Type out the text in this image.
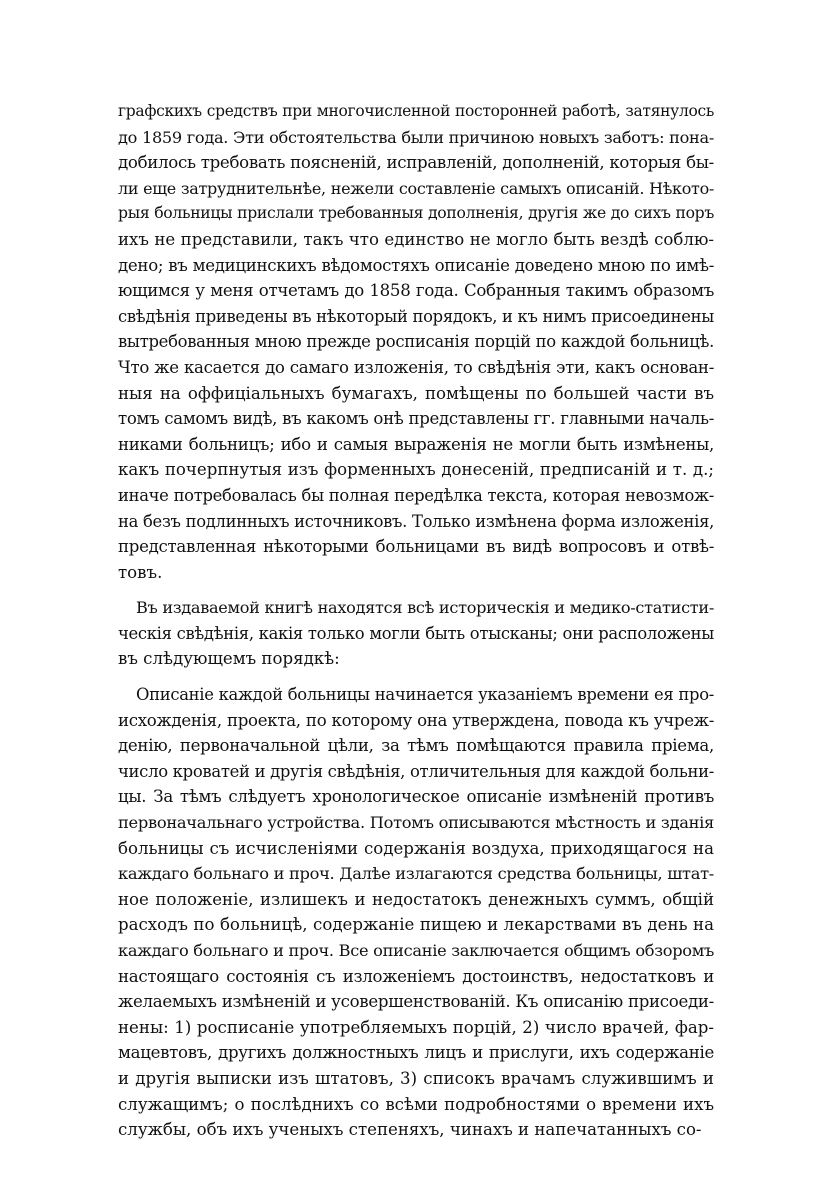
графскихъ средствъ при многочисленной посторонней работѣ, затянулось
до 1859 года. Эти обстоятельства были причиною новыхъ заботъ: пона-
добилось требовать поясненій, исправленій, дополненій, которыя бы-
ли еще затруднительнѣе, нежели составленіе самыхъ описаній. Нѣкото-
рыя больницы прислали требованныя дополненія, другія же до сихъ поръ
ихъ не представили, такъ что единство не могло быть вездѣ соблю-
дено; въ медицинскихъ вѣдомостяхъ описаніе доведено мною по имѣ-
ющимся у меня отчетамъ до 1858 года. Собранныя такимъ образомъ
свѣдѣнія приведены въ нѣкоторый порядокъ, и къ нимъ присоединены
вытребованныя мною прежде росписанія порцій по каждой больницѣ.
Что же касается до самаго изложенія, то свѣдѣнія эти, какъ основан-
ныя на оффиціальныхъ бумагахъ, помѣщены по большей части въ
томъ самомъ видѣ, въ какомъ онѣ представлены гг. главными началь-
никами больницъ; ибо и самыя выраженія не могли быть измѣнены,
какъ почерпнутыя изъ форменныхъ донесеній, предписаній и т. д.;
иначе потребовалась бы полная передѣлка текста, которая невозмож-
на безъ подлинныхъ источниковъ. Только измѣнена форма изложенія,
представленная нѣкоторыми больницами въ видѣ вопросовъ и отвѣ-
товъ.
Въ издаваемой книгѣ находятся всѣ историческія и медико-статисти-
ческія свѣдѣнія, какія только могли быть отысканы; они расположены
въ слѣдующемъ порядкѣ:
Описаніе каждой больницы начинается указаніемъ времени ея про-
исхожденія, проекта, по которому она утверждена, повода къ учреж-
денію, первоначальной цѣли, за тѣмъ помѣщаются правила пріема,
число кроватей и другія свѣдѣнія, отличительныя для каждой больни-
цы. За тѣмъ слѣдуетъ хронологическое описаніе измѣненій противъ
первоначальнаго устройства. Потомъ описываются мѣстность и зданія
больницы съ исчисленіями содержанія воздуха, приходящагося на
каждаго больнаго и проч. Далѣе излагаются средства больницы, штат-
ное положеніе, излишекъ и недостатокъ денежныхъ суммъ, общій
расходъ по больницѣ, содержаніе пищею и лекарствами въ день на
каждаго больнаго и проч. Все описаніе заключается общимъ обзоромъ
настоящаго состоянія съ изложеніемъ достоинствъ, недостатковъ и
желаемыхъ измѣненій и усовершенствованій. Къ описанію присоеди-
нены: 1) росписаніе употребляемыхъ порцій, 2) число врачей, фар-
мацевтовъ, другихъ должностныхъ лицъ и прислуги, ихъ содержаніе
и другія выписки изъ штатовъ, 3) списокъ врачамъ служившимъ и
служащимъ; о послѣднихъ со всѣми подробностями о времени ихъ
службы, объ ихъ ученыхъ степеняхъ, чинахъ и напечатанныхъ со-
